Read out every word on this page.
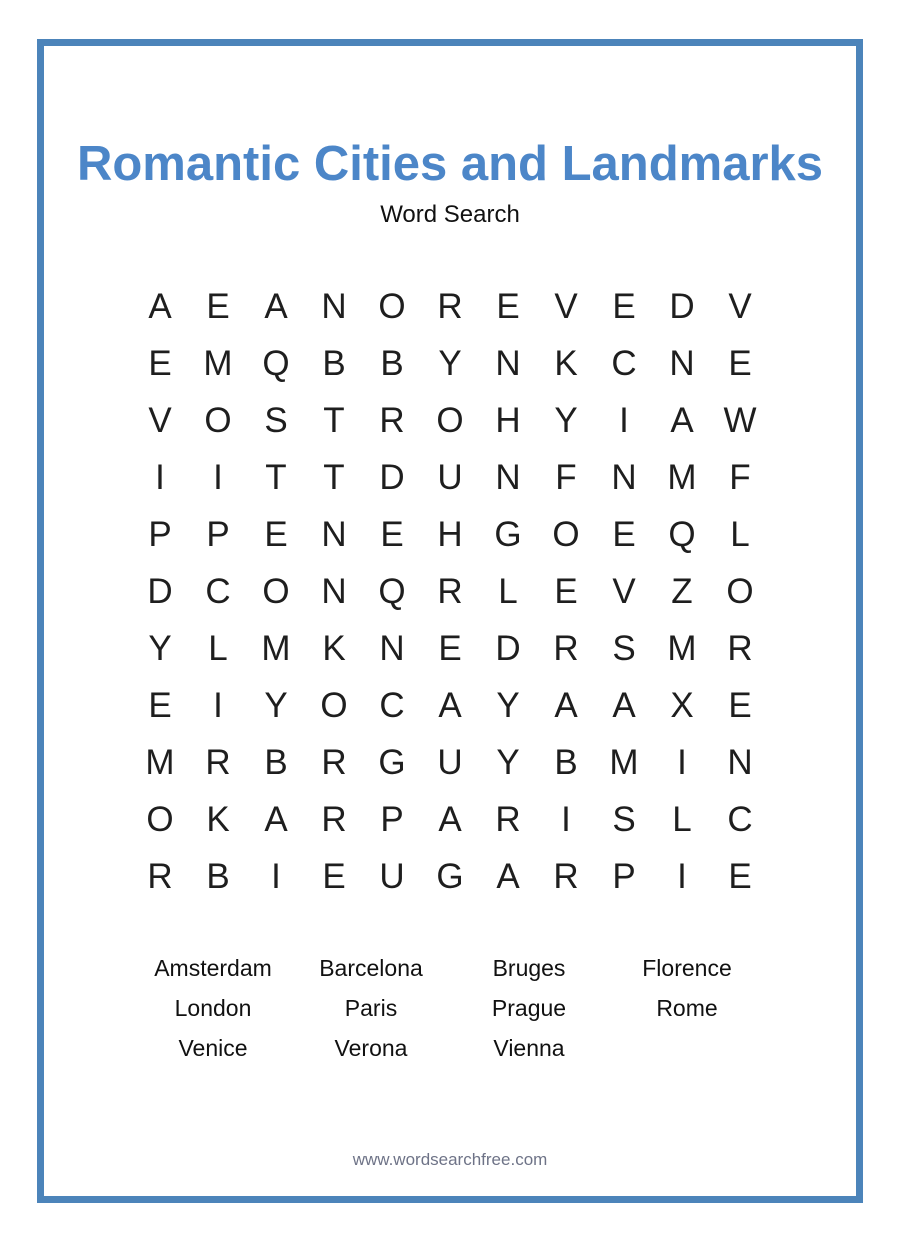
Romantic Cities and Landmarks
Word Search
A E A N O R E V E D V
E M Q B B Y N K C N E
V O S T R O H Y I A W
I I T T D U N F N M F
P P E N E H G O E Q L
D C O N Q R L E V Z O
Y L M K N E D R S M R
E I Y O C A Y A A X E
M R B R G U Y B M I N
O K A R P A R I S L C
R B I E U G A R P I E
Amsterdam Barcelona	Bruges	Florence
London	Paris	Prague	Rome
Venice	Verona	Vienna
www.wordsearchfree.com
